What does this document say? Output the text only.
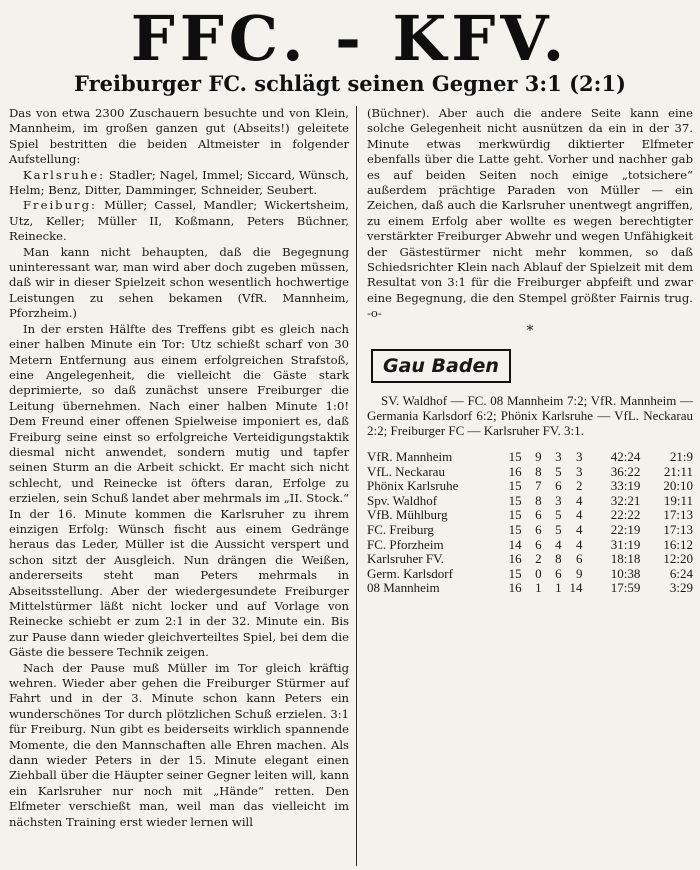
FFC. - KFV.
Freiburger FC. schlägt seinen Gegner 3:1 (2:1)

Das von etwa 2300 Zuschauern besuchte und von Klein, Mannheim, im großen ganzen gut (Abseits!) geleitete Spiel bestritten die beiden Altmeister in folgender Aufstellung:

Karlsruhe: Stadler; Nagel, Immel; Siccard, Wünsch, Helm; Benz, Ditter, Damminger, Schneider, Seubert.

Freiburg: Müller; Cassel, Mandler; Wickertsheim, Utz, Keller; Müller II, Koßmann, Peters Büchner, Reinecke.

Man kann nicht behaupten, daß die Begegnung uninteressant war, man wird aber doch zugeben müssen, daß wir in dieser Spielzeit schon wesentlich hochwertige Leistungen zu sehen bekamen (VfR. Mannheim, Pforzheim.)

In der ersten Hälfte des Treffens gibt es gleich nach einer halben Minute ein Tor: Utz schießt scharf von 30 Metern Entfernung aus einem erfolgreichen Strafstoß, eine Angelegenheit, die vielleicht die Gäste stark deprimierte, so daß zunächst unsere Freiburger die Leitung übernehmen. Nach einer halben Minute 1:0! Dem Freund einer offenen Spielweise imponiert es, daß Freiburg seine einst so erfolgreiche Verteidigungstaktik diesmal nicht anwendet, sondern mutig und tapfer seinen Sturm an die Arbeit schickt. Er macht sich nicht schlecht, und Reinecke ist öfters daran, Erfolge zu erzielen, sein Schuß landet aber mehrmals im „II. Stock.“ In der 16. Minute kommen die Karlsruher zu ihrem einzigen Erfolg: Wünsch fischt aus einem Gedränge heraus das Leder, Müller ist die Aussicht verspert und schon sitzt der Ausgleich. Nun drängen die Weißen, andererseits steht man Peters mehrmals in Abseitsstellung. Aber der wiedergesundete Freiburger Mittelstürmer läßt nicht locker und auf Vorlage von Reinecke schiebt er zum 2:1 in der 32. Minute ein. Bis zur Pause dann wieder gleichverteiltes Spiel, bei dem die Gäste die bessere Technik zeigen.

Nach der Pause muß Müller im Tor gleich kräftig wehren. Wieder aber gehen die Freiburger Stürmer auf Fahrt und in der 3. Minute schon kann Peters ein wunderschönes Tor durch plötzlichen Schuß erzielen. 3:1 für Freiburg. Nun gibt es beiderseits wirklich spannende Momente, die den Mannschaften alle Ehren machen. Als dann wieder Peters in der 15. Minute elegant einen Ziehball über die Häupter seiner Gegner leiten will, kann ein Karlsruher nur noch mit „Hände“ retten. Den Elfmeter verschießt man, weil man das vielleicht im nächsten Training erst wieder lernen will

(Büchner). Aber auch die andere Seite kann eine solche Gelegenheit nicht ausnützen da ein in der 37. Minute etwas merkwürdig diktierter Elfmeter ebenfalls über die Latte geht. Vorher und nachher gab es auf beiden Seiten noch einige „totsichere“ außerdem prächtige Paraden von Müller — ein Zeichen, daß auch die Karlsruher unentwegt angriffen, zu einem Erfolg aber wollte es wegen berechtigter verstärkter Freiburger Abwehr und wegen Unfähigkeit der Gästestürmer nicht mehr kommen, so daß Schiedsrichter Klein nach Ablauf der Spielzeit mit dem Resultat von 3:1 für die Freiburger abpfeift und zwar eine Begegnung, die den Stempel größter Fairnis trug. -o-

*
Gau Baden

SV. Waldhof — FC. 08 Mannheim 7:2; VfR. Mannheim — Germania Karlsdorf 6:2; Phönix Karlsruhe — VfL. Neckarau 2:2; Freiburger FC — Karlsruher FV. 3:1.

VfR. Mannheim	15	9	3	3	42:24	21:9
VfL. Neckarau	16	8	5	3	36:22	21:11
Phönix Karlsruhe	15	7	6	2	33:19	20:10
Spv. Waldhof	15	8	3	4	32:21	19:11
VfB. Mühlburg	15	6	5	4	22:22	17:13
FC. Freiburg	15	6	5	4	22:19	17:13
FC. Pforzheim	14	6	4	4	31:19	16:12
Karlsruher FV.	16	2	8	6	18:18	12:20
Germ. Karlsdorf	15	0	6	9	10:38	6:24
08 Mannheim	16	1	1	14	17:59	3:29
